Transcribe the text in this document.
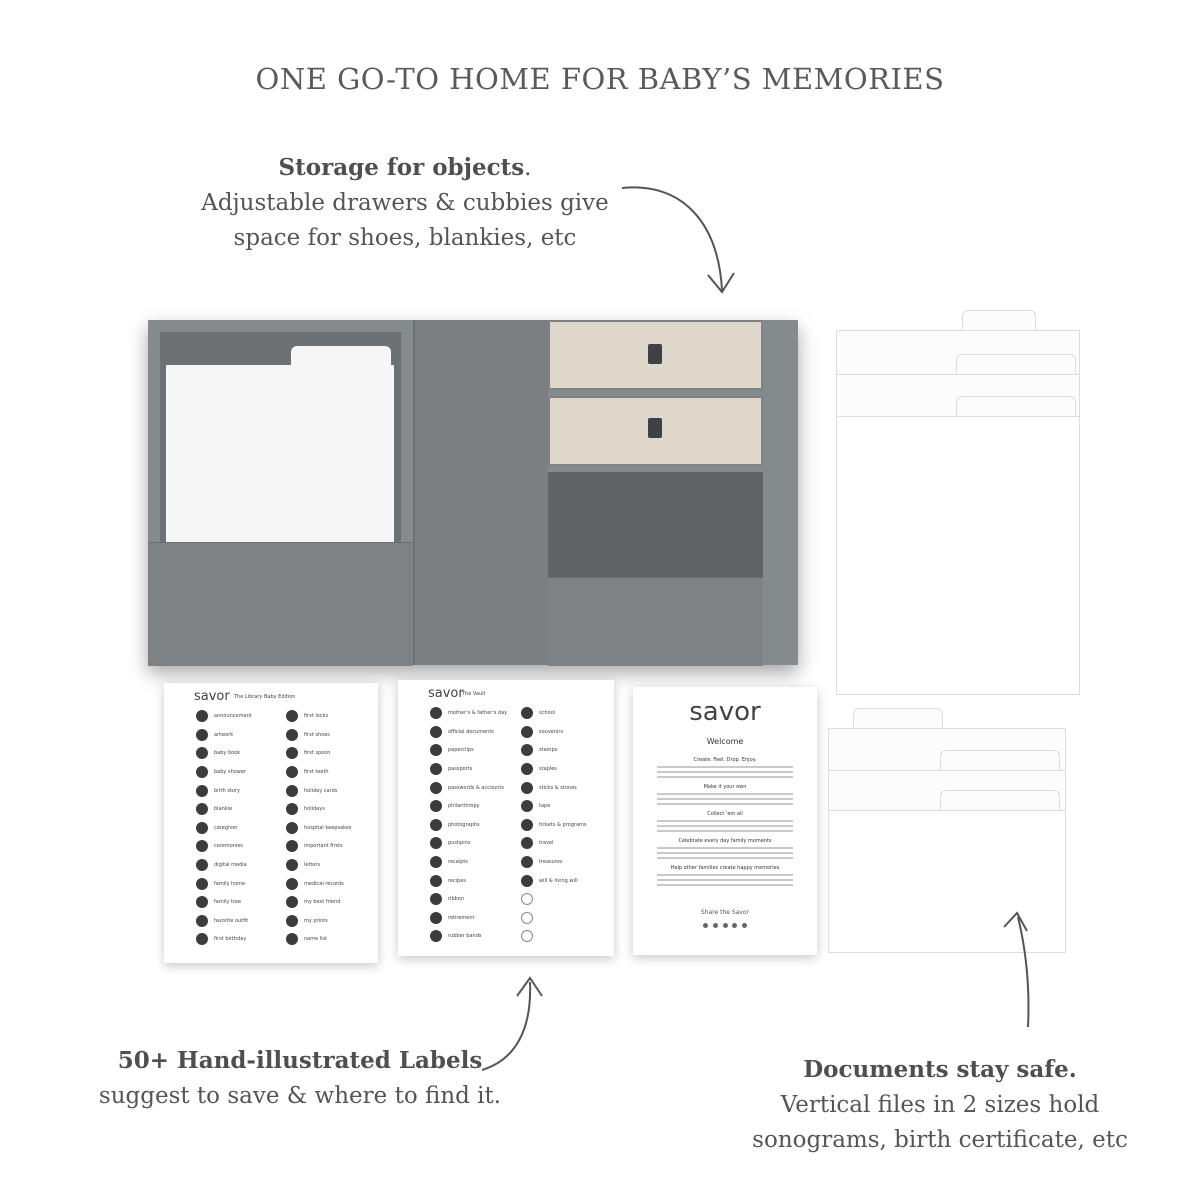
ONE GO-TO HOME FOR BABY’S MEMORIES
Storage for objects.
Adjustable drawers & cubbies give
space for shoes, blankies, etc
savor The Library Baby Edition
announcement	first locks
artwork	first shoes
baby book	first spoon
baby shower	first teeth
birth story	holiday cards
blankie	holidays
caregiver	hospital keepsakes
ceremonies	important firsts
digital media	letters
family home	medical records
family tree	my best friend
favorite outfit	my prints
first birthday	name list
savor
The Vault
mother's & father's day	school
official documents	souvenirs
paperclips	stamps
passports	staples
passwords & accounts	sticks & stones
philanthropy	tape
photographs	tickets & programs
pushpins	travel
receipts	treasures
recipes	will & living will
ribbon
retirement
rubber bands
savor
Welcome
Create. Feel. Drop. Enjoy.
Make it your own
Collect 'em all
Celebrate every day family moments
Help other families create happy memories
Share the Savor
50+ Hand-illustrated Labels
suggest to save & where to find it.
Documents stay safe.
Vertical files in 2 sizes hold
sonograms, birth certificate, etc
